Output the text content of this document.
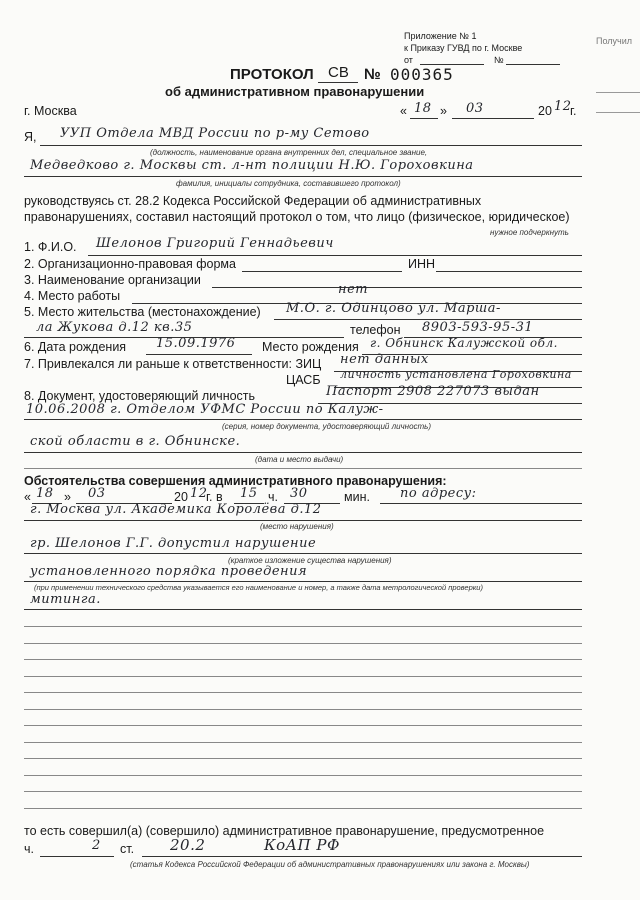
Получил
Приложение № 1
к Приказу ГУВД по г. Москве
от	№
ПРОТОКОЛ СВ № 000365
об административном правонарушении
г. Москва	« 18 » 03	20 12
г.
Я, УУП Отдела МВД России по р-му Сетово
(должность, наименование органа внутренних дел, специальное звание,
Медведково г. Москвы ст. л-нт полиции Н.Ю. Гороховкина
фамилия, инициалы сотрудника, составившего протокол)
руководствуясь ст. 28.2 Кодекса Российской Федерации об административных
правонарушениях, составил настоящий протокол о том, что лицо (физическое, юридическое)
нужное подчеркнуть
1. Ф.И.О. Шелонов Григорий Геннадьевич
2. Организационно-правовая форма	ИНН
3. Наименование организации
4. Место работы	нет
5. Место жительства (местонахождение) М.О. г. Одинцово ул. Марша-
ла Жукова д.12 кв.35	телефон 8903-593-95-31
6. Дата рождения 15.09.1976 Место рождения г. Обнинск Калужской обл.
7. Привлекался ли раньше к ответственности: ЗИЦ нет данных
ЦАСБ личность установлена Гороховкина
8. Документ, удостоверяющий личность	Паспорт 2908 227073 выдан
10.06.2008 г. Отделом УФМС России по Калуж-
(серия, номер документа, удостоверяющий личность)
ской области в г. Обнинске.
(дата и место выдачи)
Обстоятельства совершения административного правонарушения:
« 18 » 03	20 12
г. в 15 ч. 30	мин. по адресу:
г. Москва ул. Академика Королёва д.12
(место нарушения)
гр. Шелонов Г.Г. допустил нарушение
(краткое изложение существа нарушения)
установленного порядка проведения
(при применении технического средства указывается его наименование и номер, а также дата метрологической проверки)
митинга.
то есть совершил(а) (совершило) административное правонарушение, предусмотренное
ч.	2 ст. 20.2	КоАП РФ
(статья Кодекса Российской Федерации об административных правонарушениях или закона г. Москвы)
